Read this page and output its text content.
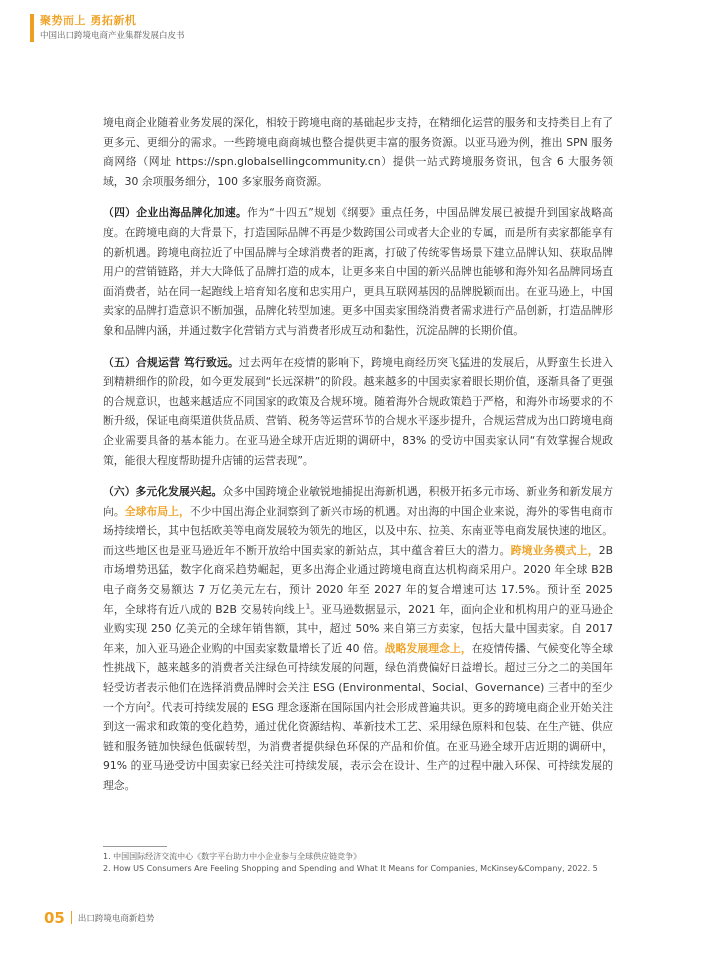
聚势而上 勇拓新机
中国出口跨境电商产业集群发展白皮书

境电商企业随着业务发展的深化，相较于跨境电商的基础起步支持，在精细化运营的服务和支持类目上有了更多元、更细分的需求。一些跨境电商商城也整合提供更丰富的服务资源。以亚马逊为例，推出 SPN 服务商网络（网址 https://spn.globalsellingcommunity.cn）提供一站式跨境服务资讯，包含 6 大服务领域，30 余项服务细分，100 多家服务商资源。

（四）企业出海品牌化加速。作为“十四五”规划《纲要》重点任务，中国品牌发展已被提升到国家战略高度。在跨境电商的大背景下，打造国际品牌不再是少数跨国公司或者大企业的专属，而是所有卖家都能享有的新机遇。跨境电商拉近了中国品牌与全球消费者的距离，打破了传统零售场景下建立品牌认知、获取品牌用户的营销链路，并大大降低了品牌打造的成本，让更多来自中国的新兴品牌也能够和海外知名品牌同场直面消费者，站在同一起跑线上培育知名度和忠实用户，更具互联网基因的品牌脱颖而出。在亚马逊上，中国卖家的品牌打造意识不断加强，品牌化转型加速。更多中国卖家围绕消费者需求进行产品创新，打造品牌形象和品牌内涵，并通过数字化营销方式与消费者形成互动和黏性，沉淀品牌的长期价值。

（五）合规运营 笃行致远。过去两年在疫情的影响下，跨境电商经历突飞猛进的发展后，从野蛮生长进入到精耕细作的阶段，如今更发展到“长远深耕”的阶段。越来越多的中国卖家着眼长期价值，逐渐具备了更强的合规意识，也越来越适应不同国家的政策及合规环境。随着海外合规政策趋于严格，和海外市场要求的不断升级，保证电商渠道供货品质、营销、税务等运营环节的合规水平逐步提升，合规运营成为出口跨境电商企业需要具备的基本能力。在亚马逊全球开店近期的调研中，83% 的受访中国卖家认同“有效掌握合规政策，能很大程度帮助提升店铺的运营表现”。

（六）多元化发展兴起。众多中国跨境企业敏锐地捕捉出海新机遇，积极开拓多元市场、新业务和新发展方向。全球布局上，不少中国出海企业洞察到了新兴市场的机遇。对出海的中国企业来说，海外的零售电商市场持续增长，其中包括欧美等电商发展较为领先的地区，以及中东、拉美、东南亚等电商发展快速的地区。而这些地区也是亚马逊近年不断开放给中国卖家的新站点，其中蕴含着巨大的潜力。跨境业务模式上，2B 市场增势迅猛，数字化商采趋势崛起，更多出海企业通过跨境电商直达机构商采用户。2020 年全球 B2B 电子商务交易额达 7 万亿美元左右，预计 2020 年至 2027 年的复合增速可达 17.5%。预计至 2025 年，全球将有近八成的 B2B 交易转向线上$^1$。亚马逊数据显示，2021 年，面向企业和机构用户的亚马逊企业购实现 250 亿美元的全球年销售额，其中，超过 50% 来自第三方卖家，包括大量中国卖家。自 2017 年来，加入亚马逊企业购的中国卖家数量增长了近 40 倍。战略发展理念上，在疫情传播、气候变化等全球性挑战下，越来越多的消费者关注绿色可持续发展的问题，绿色消费偏好日益增长。超过三分之二的美国年轻受访者表示他们在选择消费品牌时会关注 ESG (Environmental、Social、Governance) 三者中的至少一个方向$^2$。代表可持续发展的 ESG 理念逐渐在国际国内社会形成普遍共识。更多的跨境电商企业开始关注到这一需求和政策的变化趋势，通过优化资源结构、革新技术工艺、采用绿色原料和包装、在生产链、供应链和服务链加快绿色低碳转型，为消费者提供绿色环保的产品和价值。在亚马逊全球开店近期的调研中，91% 的亚马逊受访中国卖家已经关注可持续发展，表示会在设计、生产的过程中融入环保、可持续发展的理念。

1. 中国国际经济交流中心《数字平台助力中小企业参与全球供应链竞争》

2. How US Consumers Are Feeling Shopping and Spending and What It Means for Companies, McKinsey&Company, 2022. 5

05 出口跨境电商新趋势
